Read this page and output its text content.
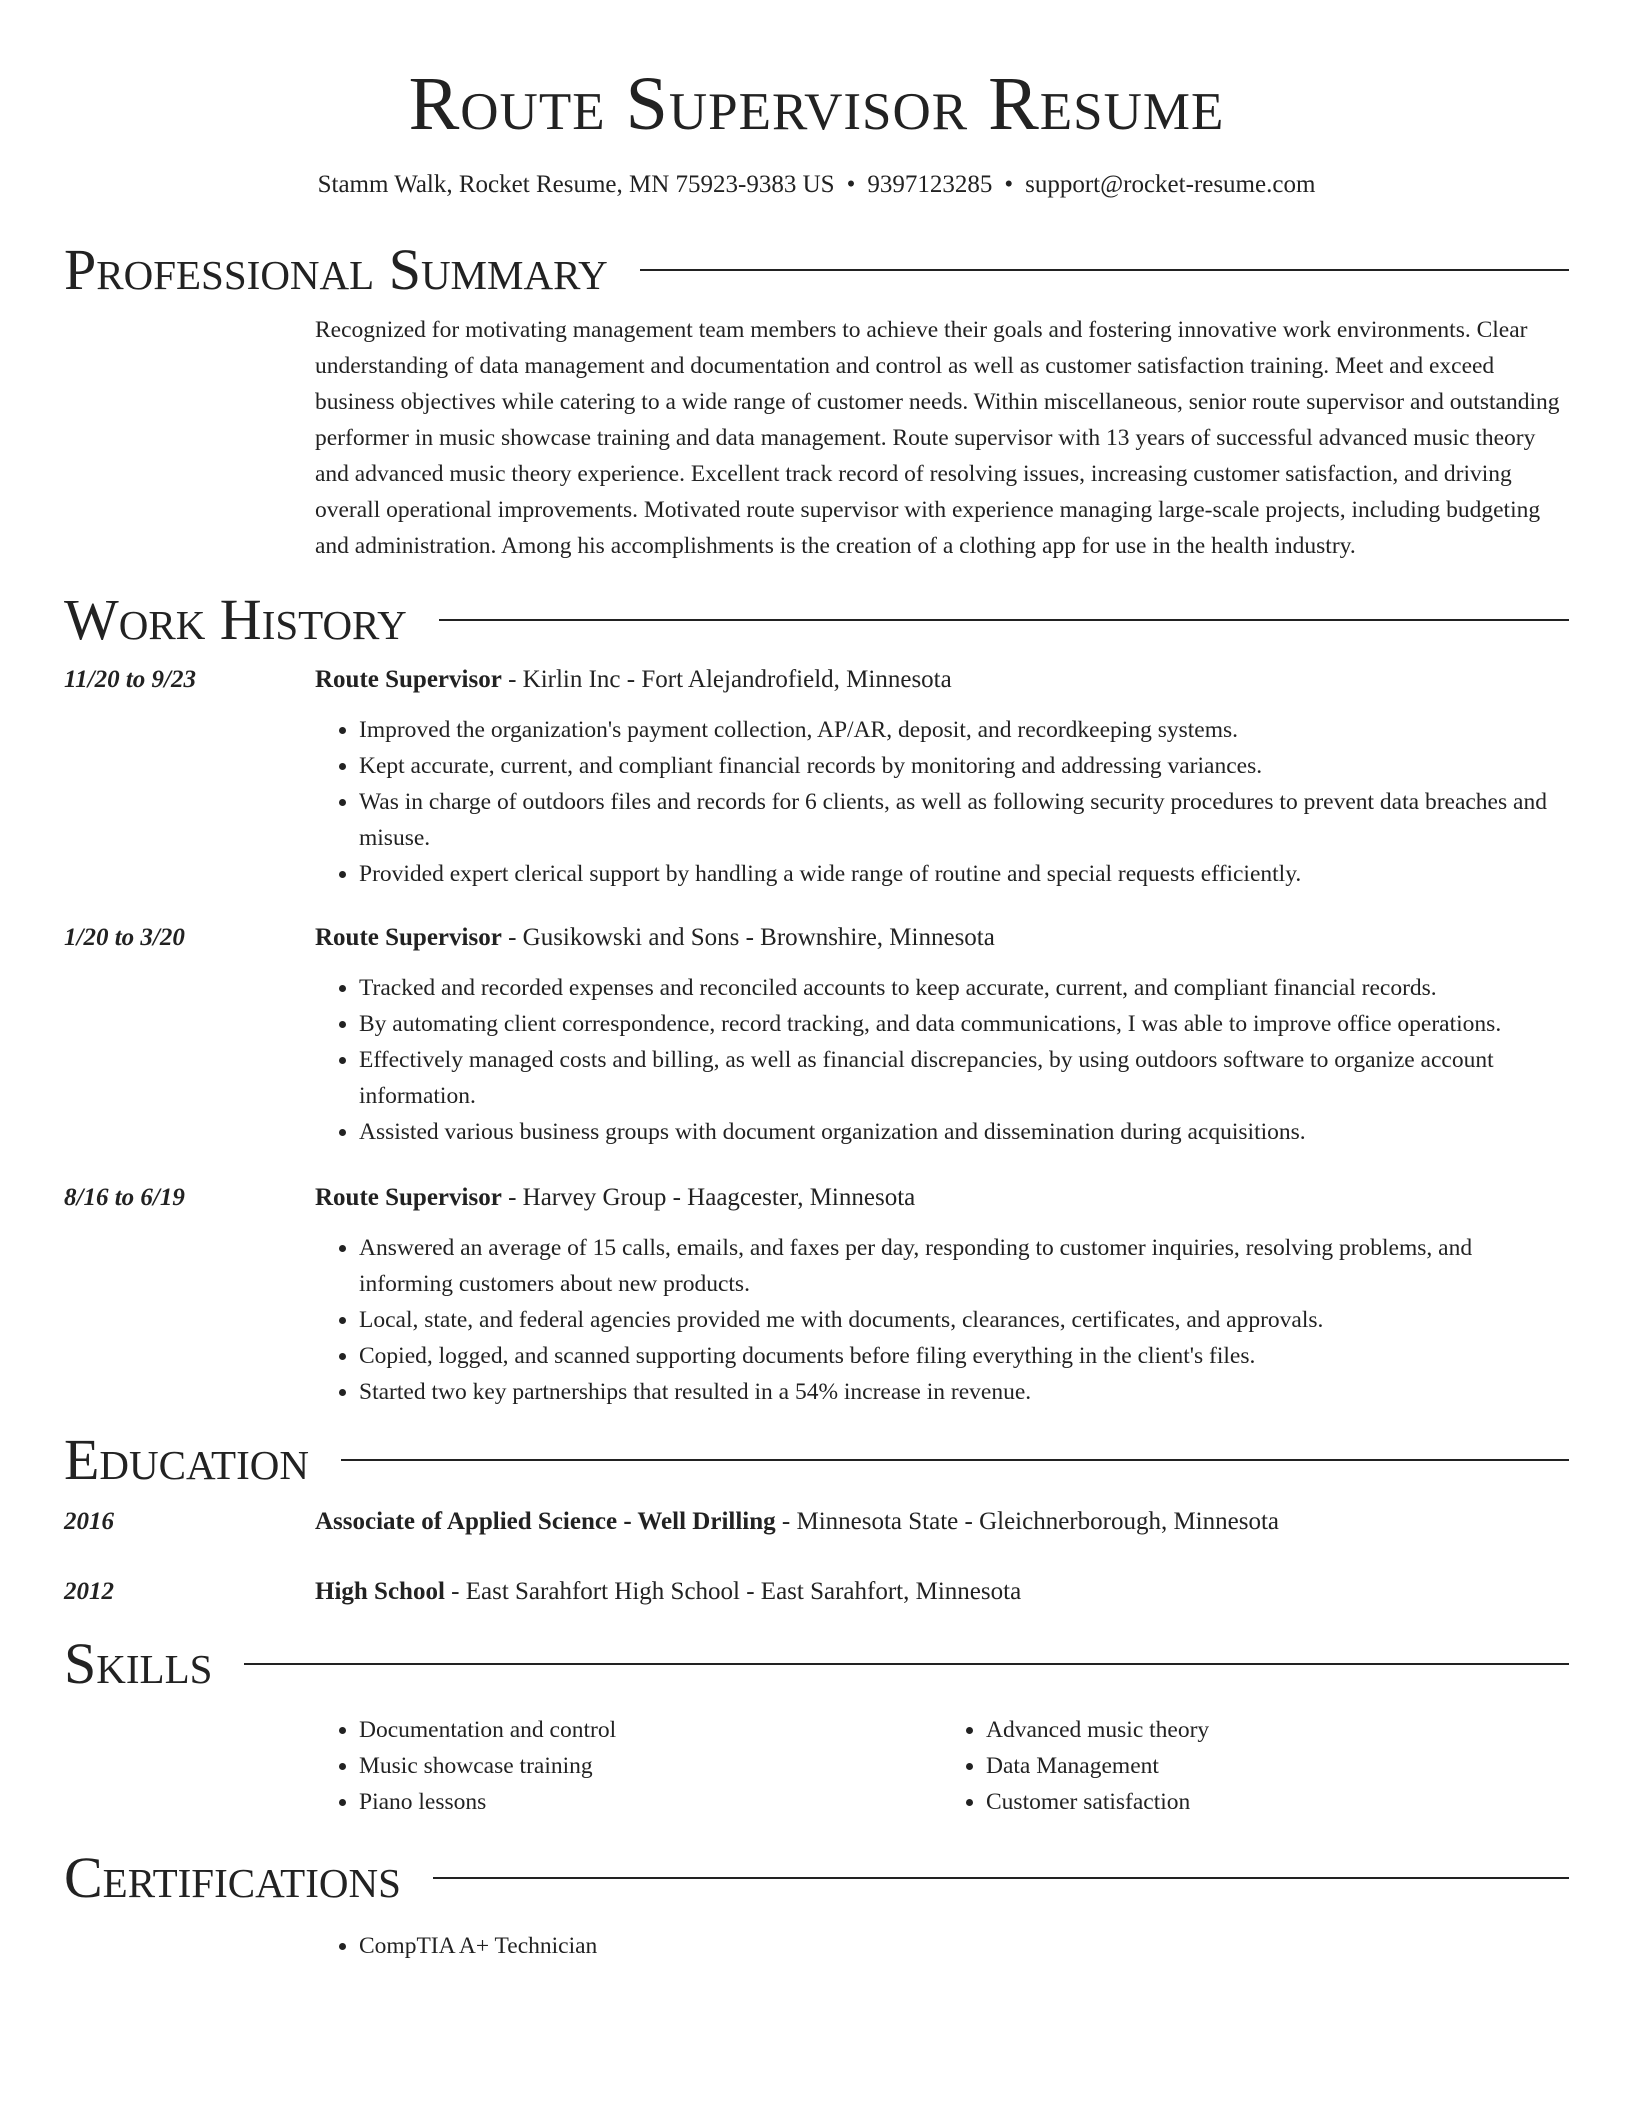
Route Supervisor Resume
Stamm Walk, Rocket Resume, MN 75923-9383 US • 9397123285 • support@rocket-resume.com
Professional Summary
Recognized for motivating management team members to achieve their goals and fostering innovative work environments. Clear understanding of data management and documentation and control as well as customer satisfaction training. Meet and exceed business objectives while catering to a wide range of customer needs. Within miscellaneous, senior route supervisor and outstanding performer in music showcase training and data management. Route supervisor with 13 years of successful advanced music theory and advanced music theory experience. Excellent track record of resolving issues, increasing customer satisfaction, and driving overall operational improvements. Motivated route supervisor with experience managing large-scale projects, including budgeting and administration. Among his accomplishments is the creation of a clothing app for use in the health industry.
Work History
11/20 to 9/23	Route Supervisor - Kirlin Inc - Fort Alejandrofield, Minnesota
• Improved the organization's payment collection, AP/AR, deposit, and recordkeeping systems.
• Kept accurate, current, and compliant financial records by monitoring and addressing variances.
• Was in charge of outdoors files and records for 6 clients, as well as following security procedures to prevent data breaches and misuse.
• Provided expert clerical support by handling a wide range of routine and special requests efficiently.
1/20 to 3/20	Route Supervisor - Gusikowski and Sons - Brownshire, Minnesota
• Tracked and recorded expenses and reconciled accounts to keep accurate, current, and compliant financial records.
• By automating client correspondence, record tracking, and data communications, I was able to improve office operations.
• Effectively managed costs and billing, as well as financial discrepancies, by using outdoors software to organize account information.
• Assisted various business groups with document organization and dissemination during acquisitions.
8/16 to 6/19	Route Supervisor - Harvey Group - Haagcester, Minnesota
• Answered an average of 15 calls, emails, and faxes per day, responding to customer inquiries, resolving problems, and informing customers about new products.
• Local, state, and federal agencies provided me with documents, clearances, certificates, and approvals.
• Copied, logged, and scanned supporting documents before filing everything in the client's files.
• Started two key partnerships that resulted in a 54% increase in revenue.
Education
2016	Associate of Applied Science - Well Drilling - Minnesota State - Gleichnerborough, Minnesota
2012	High School - East Sarahfort High School - East Sarahfort, Minnesota
Skills
• Documentation and control
• Music showcase training
• Piano lessons
• Advanced music theory
• Data Management
• Customer satisfaction
Certifications
• CompTIA A+ Technician
